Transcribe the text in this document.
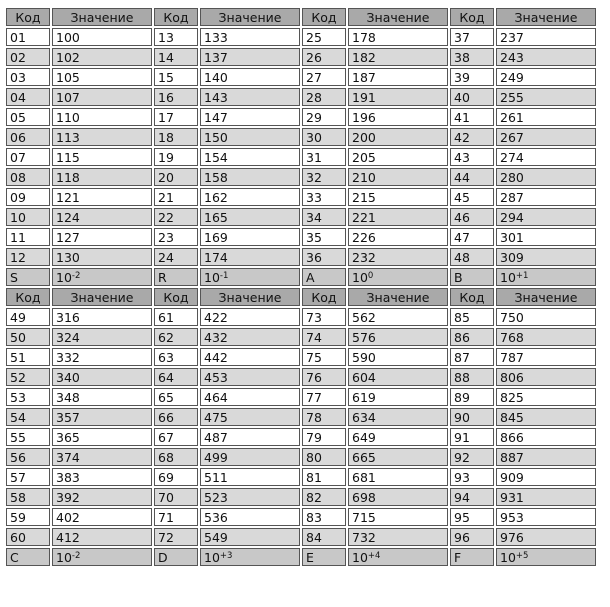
Код	Значение	Код	Значение	Код	Значение	Код	Значение
01	100	13	133	25	178	37	237
02	102	14	137	26	182	38	243
03	105	15	140	27	187	39	249
04	107	16	143	28	191	40	255
05	110	17	147	29	196	41	261
06	113	18	150	30	200	42	267
07	115	19	154	31	205	43	274
08	118	20	158	32	210	44	280
09	121	21	162	33	215	45	287
10	124	22	165	34	221	46	294
11	127	23	169	35	226	47	301
12	130	24	174	36	232	48	309
S	$10^{-2}$	R	$10^{-1}$	A	$10^0$	B	$10^{+1}$
Код	Значение	Код	Значение	Код	Значение	Код	Значение
49	316	61	422	73	562	85	750
50	324	62	432	74	576	86	768
51	332	63	442	75	590	87	787
52	340	64	453	76	604	88	806
53	348	65	464	77	619	89	825
54	357	66	475	78	634	90	845
55	365	67	487	79	649	91	866
56	374	68	499	80	665	92	887
57	383	69	511	81	681	93	909
58	392	70	523	82	698	94	931
59	402	71	536	83	715	95	953
60	412	72	549	84	732	96	976
C	$10^{-2}$	D	$10^{+3}$	E	$10^{+4}$	F	$10^{+5}$
